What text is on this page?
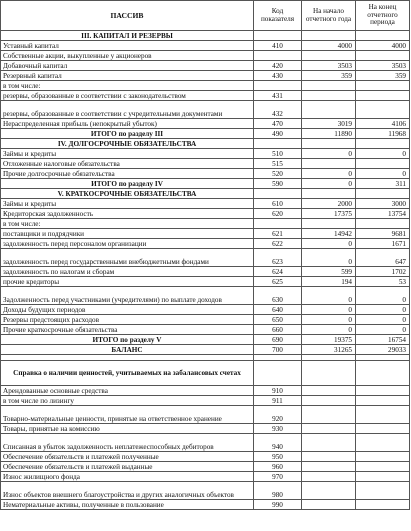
ПАССИВ	Код показателя	На начало отчетного года	На конец отчетного периода
III. КАПИТАЛ И РЕЗЕРВЫ			
Уставный капитал	410	4000	4000
Собственные акции, выкупленные у акционеров			
Добавочный капитал	420	3503	3503
Резервный капитал	430	359	359
в том числе:			
резервы, образованные в соответствии с законодательством	431		
резервы, образованные в соответствии с учредительными документами	432		
Нераспределенная прибыль (непокрытый убыток)	470	3019	4106
ИТОГО по разделу III	490	11890	11968
IV. ДОЛГОСРОЧНЫЕ ОБЯЗАТЕЛЬСТВА			
Займы и кредиты	510	0	0
Отложенные налоговые обязательства	515		
Прочие долгосрочные обязательства	520	0	0
ИТОГО по разделу IV	590	0	311
V. КРАТКОСРОЧНЫЕ ОБЯЗАТЕЛЬСТВА			
Займы и кредиты	610	2000	3000
Кредиторская задолженность	620	17375	13754
в том числе:			
поставщики и подрядчики	621	14942	9681
задолженность перед персоналом организации	622	0	1671
задолженность перед государственными внебюджетными фондами	623	0	647
задолженность по налогам и сборам	624	599	1702
прочие кредиторы	625	194	53
Задолженность перед участниками (учредителями) по выплате доходов	630	0	0
Доходы будущих периодов	640	0	0
Резервы предстоящих расходов	650	0	0
Прочие краткосрочные обязательства	660	0	0
ИТОГО по разделу V	690	19375	16754
БАЛАНС	700	31265	29033

Справка о наличии ценностей, учитываемых на забалансовых счетах			
Арендованные основные средства	910		
в том числе по лизингу	911		
Товарно-материальные ценности, принятые на ответственное хранение	920		
Товары, принятые на комиссию	930		
Списанная в убыток задолженность неплатежеспособных дебиторов	940		
Обеспечение обязательств и платежей полученные	950		
Обеспечение обязательств и платежей выданные	960		
Износ жилищного фонда	970		
Износ объектов внешнего благоустройства и других аналогичных объектов	980		
Нематериальные активы, полученные в пользование	990		
